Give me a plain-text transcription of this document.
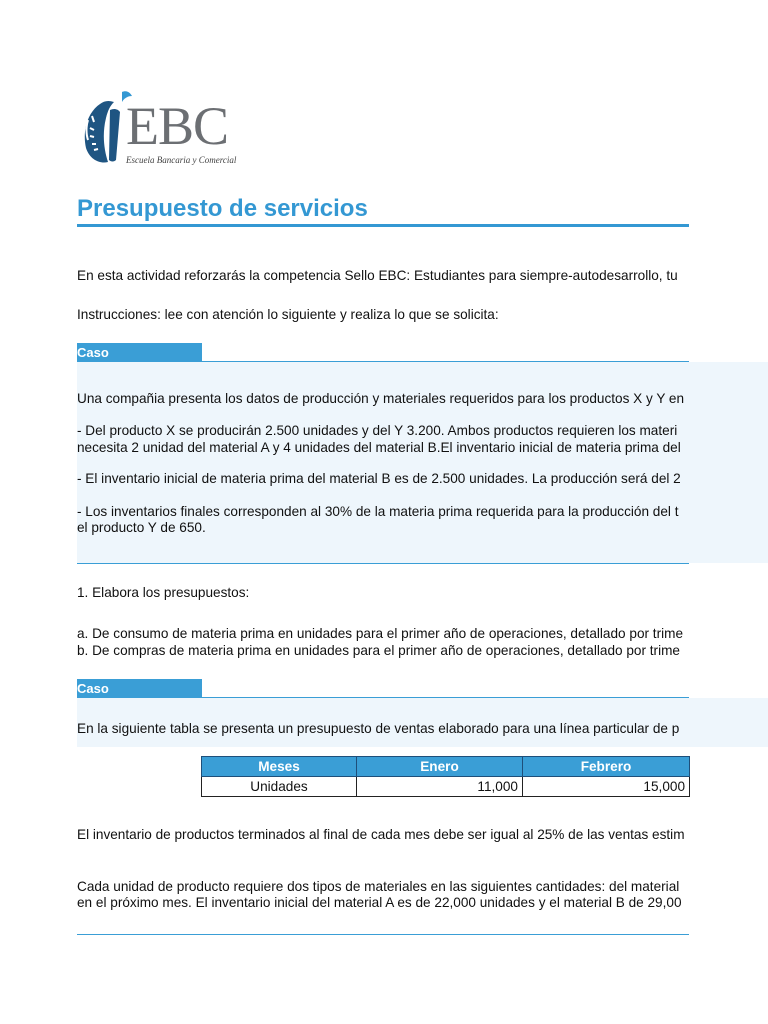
EBC
Escuela Bancaria y Comercial
Presupuesto de servicios
En esta actividad reforzarás la competencia Sello EBC: Estudiantes para siempre-autodesarrollo, tu
Instrucciones: lee con atención lo siguiente y realiza lo que se solicita:
Caso
Una compañia presenta los datos de producción y materiales requeridos para los productos X y Y en
- Del producto X se producirán 2.500 unidades y del Y 3.200. Ambos productos requieren los materi
necesita 2 unidad del material A y 4 unidades del material B.El inventario inicial de materia prima del
- El inventario inicial de materia prima del material B es de 2.500 unidades. La producción será del 2
- Los inventarios finales corresponden al 30% de la materia prima requerida para la producción del t
el producto Y de 650.
1. Elabora los presupuestos:
a. De consumo de materia prima en unidades para el primer año de operaciones, detallado por trime
b. De compras de materia prima en unidades para el primer año de operaciones, detallado por trime
Caso
En la siguiente tabla se presenta un presupuesto de ventas elaborado para una línea particular de p
Meses	Enero	Febrero
Unidades	11,000	15,000
El inventario de productos terminados al final de cada mes debe ser igual al 25% de las ventas estim
Cada unidad de producto requiere dos tipos de materiales en las siguientes cantidades: del material
en el próximo mes. El inventario inicial del material A es de 22,000 unidades y el material B de 29,00
